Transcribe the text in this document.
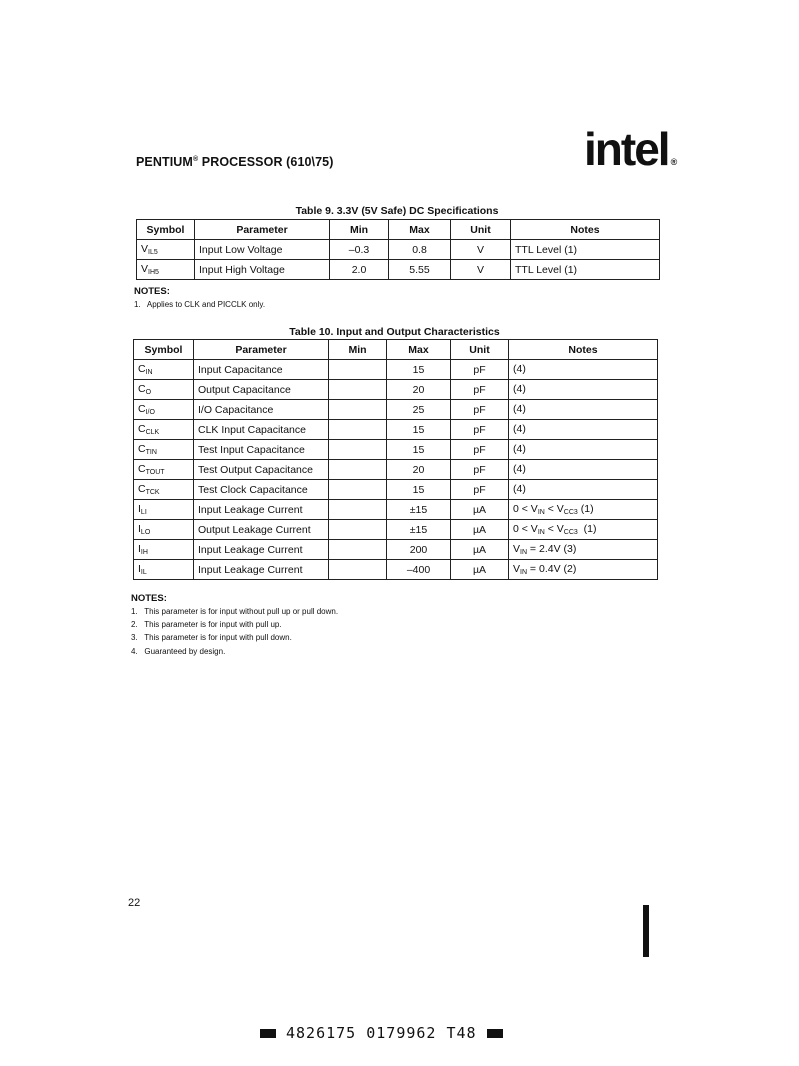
PENTIUM® PROCESSOR (610\75)	intel ®
Table 9. 3.3V (5V Safe) DC Specifications
Symbol	Parameter	Min	Max	Unit	Notes
$V_{IL5}$	Input Low Voltage	–0.3	0.8	V	TTL Level (1)
$V_{IH5}$	Input High Voltage	2.0	5.55	V	TTL Level (1)
NOTES:
1.   Applies to CLK and PICCLK only.
Table 10. Input and Output Characteristics
Symbol	Parameter	Min	Max	Unit	Notes
$C_{IN}$	Input Capacitance		15	pF	(4)
$C_O$	Output Capacitance		20	pF	(4)
$C_{I/O}$	I/O Capacitance		25	pF	(4)
$C_{CLK}$	CLK Input Capacitance		15	pF	(4)
$C_{TIN}$	Test Input Capacitance		15	pF	(4)
$C_{TOUT}$	Test Output Capacitance		20	pF	(4)
$C_{TCK}$	Test Clock Capacitance		15	pF	(4)
$I_{LI}$	Input Leakage Current		±15	µA	$0 < V_{IN} < V_{CC3}$ (1)
$I_{LO}$	Output Leakage Current		±15	µA	$0 < V_{IN} < V_{CC3}$  (1)
$I_{IH}$	Input Leakage Current		200	µA	$V_{IN} = 2.4V$ (3)
$I_{IL}$	Input Leakage Current		–400	µA	$V_{IN} = 0.4V$ (2)
NOTES:
1.   This parameter is for input without pull up or pull down.
2.   This parameter is for input with pull up.
3.   This parameter is for input with pull down.
4.   Guaranteed by design.
22
4826175 0179962 T48
